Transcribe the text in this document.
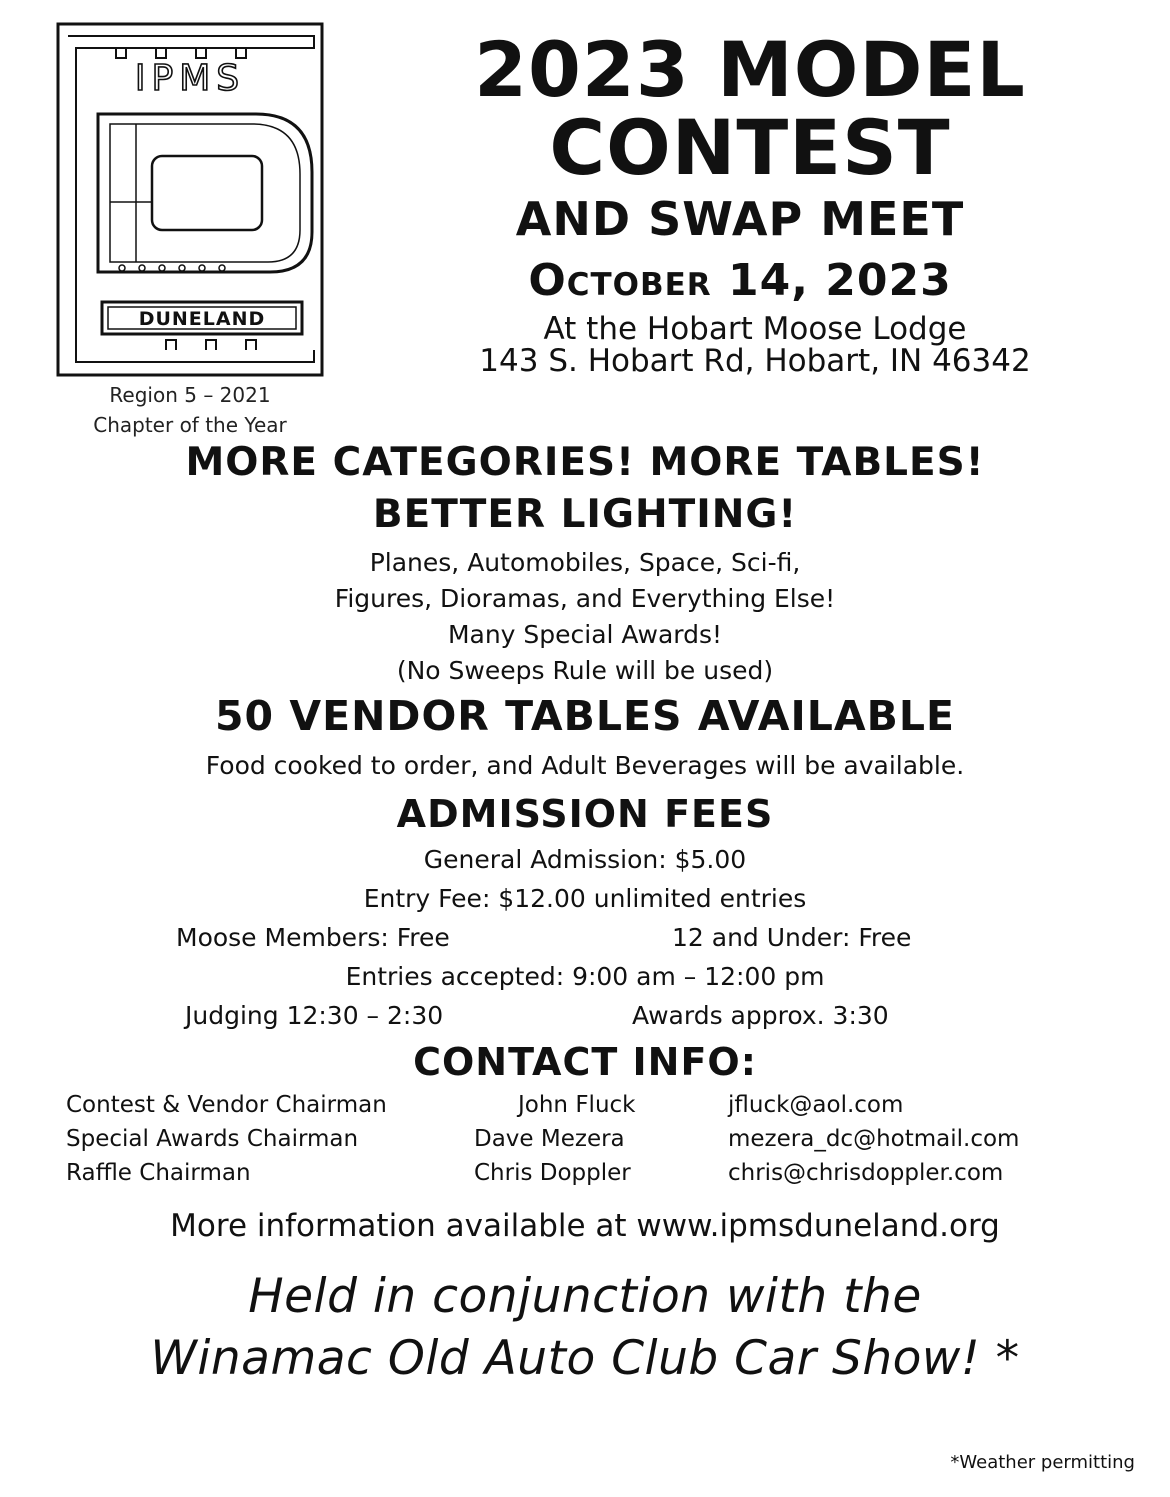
IPMS
DUNELAND
Region 5 – 2021
Chapter of the Year
2023 MODEL
CONTEST
AND SWAP MEET
October 14, 2023
At the Hobart Moose Lodge
143 S. Hobart Rd, Hobart, IN 46342
MORE CATEGORIES! MORE TABLES!
BETTER LIGHTING!
Planes, Automobiles, Space, Sci-fi,
Figures, Dioramas, and Everything Else!
Many Special Awards!
(No Sweeps Rule will be used)
50 VENDOR TABLES AVAILABLE
Food cooked to order, and Adult Beverages will be available.
ADMISSION FEES
General Admission: $5.00
Entry Fee: $12.00 unlimited entries
Moose Members: Free	12 and Under: Free
Entries accepted: 9:00 am – 12:00 pm
Judging 12:30 – 2:30	Awards approx. 3:30
CONTACT INFO:
Contest & Vendor Chairman	John Fluck	jfluck@aol.com
Special Awards Chairman	Dave Mezera	mezera_dc@hotmail.com
Raffle Chairman	Chris Doppler	chris@chrisdoppler.com
More information available at www.ipmsduneland.org
Held in conjunction with the
Winamac Old Auto Club Car Show! *
*Weather permitting
